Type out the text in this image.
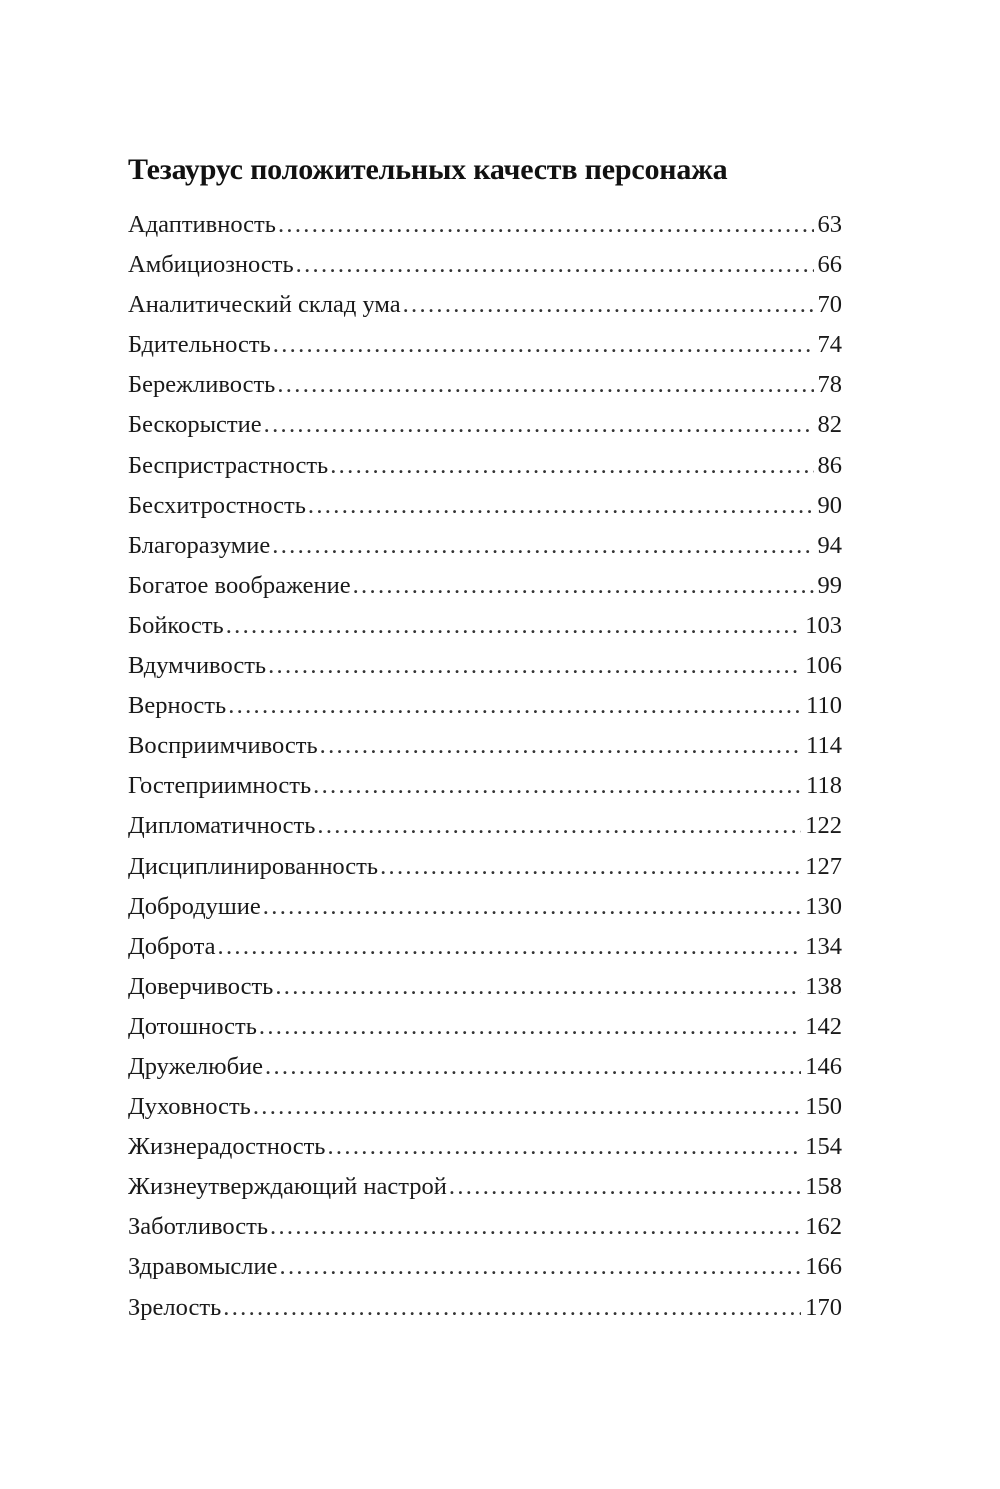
Тезаурус положительных качеств персонажа
Адаптивность . . .	63
Амбициозность . . .	66
Аналитический склад ума . . .	70
Бдительность . . .	74
Бережливость . . .	78
Бескорыстие . . .	82
Беспристрастность . . .	86
Бесхитростность . . .	90
Благоразумие . . .	94
Богатое воображение . . .	99
Бойкость . . .	103
Вдумчивость . . .	106
Верность . . .	110
Восприимчивость . . .	114
Гостеприимность . . .	118
Дипломатичность . . .	122
Дисциплинированность . . .	127
Добродушие . . .	130
Доброта . . .	134
Доверчивость . . .	138
Дотошность . . .	142
Дружелюбие . . .	146
Духовность . . .	150
Жизнерадостность . . .	154
Жизнеутверждающий настрой . . .	158
Заботливость . . .	162
Здравомыслие . . .	166
Зрелость . . .	170
